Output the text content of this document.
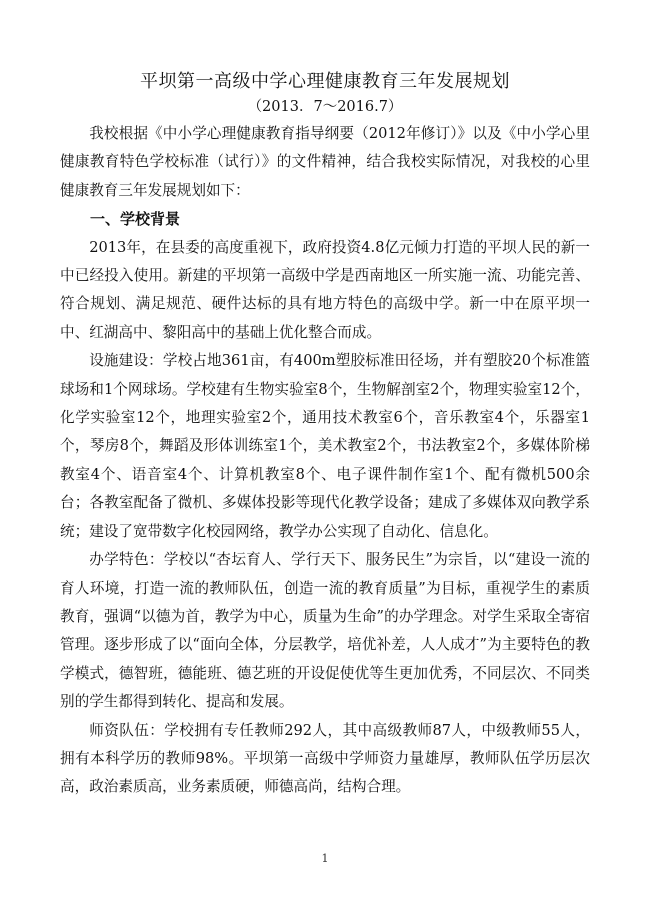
平坝第一高级中学心理健康教育三年发展规划
（2013．7～2016.7）

我校根据《中小学心理健康教育指导纲要（2012年修订）》以及《中小学心里健康教育特色学校标准（试行）》的文件精神，结合我校实际情况，对我校的心里健康教育三年发展规划如下：

一、学校背景

2013年，在县委的高度重视下，政府投资4.8亿元倾力打造的平坝人民的新一中已经投入使用。新建的平坝第一高级中学是西南地区一所实施一流、功能完善、符合规划、满足规范、硬件达标的具有地方特色的高级中学。新一中在原平坝一中、红湖高中、黎阳高中的基础上优化整合而成。

设施建设：学校占地361亩，有400m塑胶标准田径场，并有塑胶20个标准篮球场和1个网球场。学校建有生物实验室8个，生物解剖室2个，物理实验室12个，化学实验室12个，地理实验室2个，通用技术教室6个，音乐教室4个，乐器室1个，琴房8个，舞蹈及形体训练室1个，美术教室2个，书法教室2个，多媒体阶梯教室4个、语音室4个、计算机教室8个、电子课件制作室1个、配有微机500余台；各教室配备了微机、多媒体投影等现代化教学设备；建成了多媒体双向教学系统；建设了宽带数字化校园网络，教学办公实现了自动化、信息化。

办学特色：学校以“杏坛育人、学行天下、服务民生”为宗旨，以“建设一流的育人环境，打造一流的教师队伍，创造一流的教育质量”为目标，重视学生的素质教育，强调“以德为首，教学为中心，质量为生命”的办学理念。对学生采取全寄宿管理。逐步形成了以“面向全体，分层教学，培优补差，人人成才”为主要特色的教学模式，德智班，德能班、德艺班的开设促使优等生更加优秀，不同层次、不同类别的学生都得到转化、提高和发展。

师资队伍：学校拥有专任教师292人，其中高级教师87人，中级教师55人，拥有本科学历的教师98%。平坝第一高级中学师资力量雄厚，教师队伍学历层次高，政治素质高，业务素质硬，师德高尚，结构合理。

1
